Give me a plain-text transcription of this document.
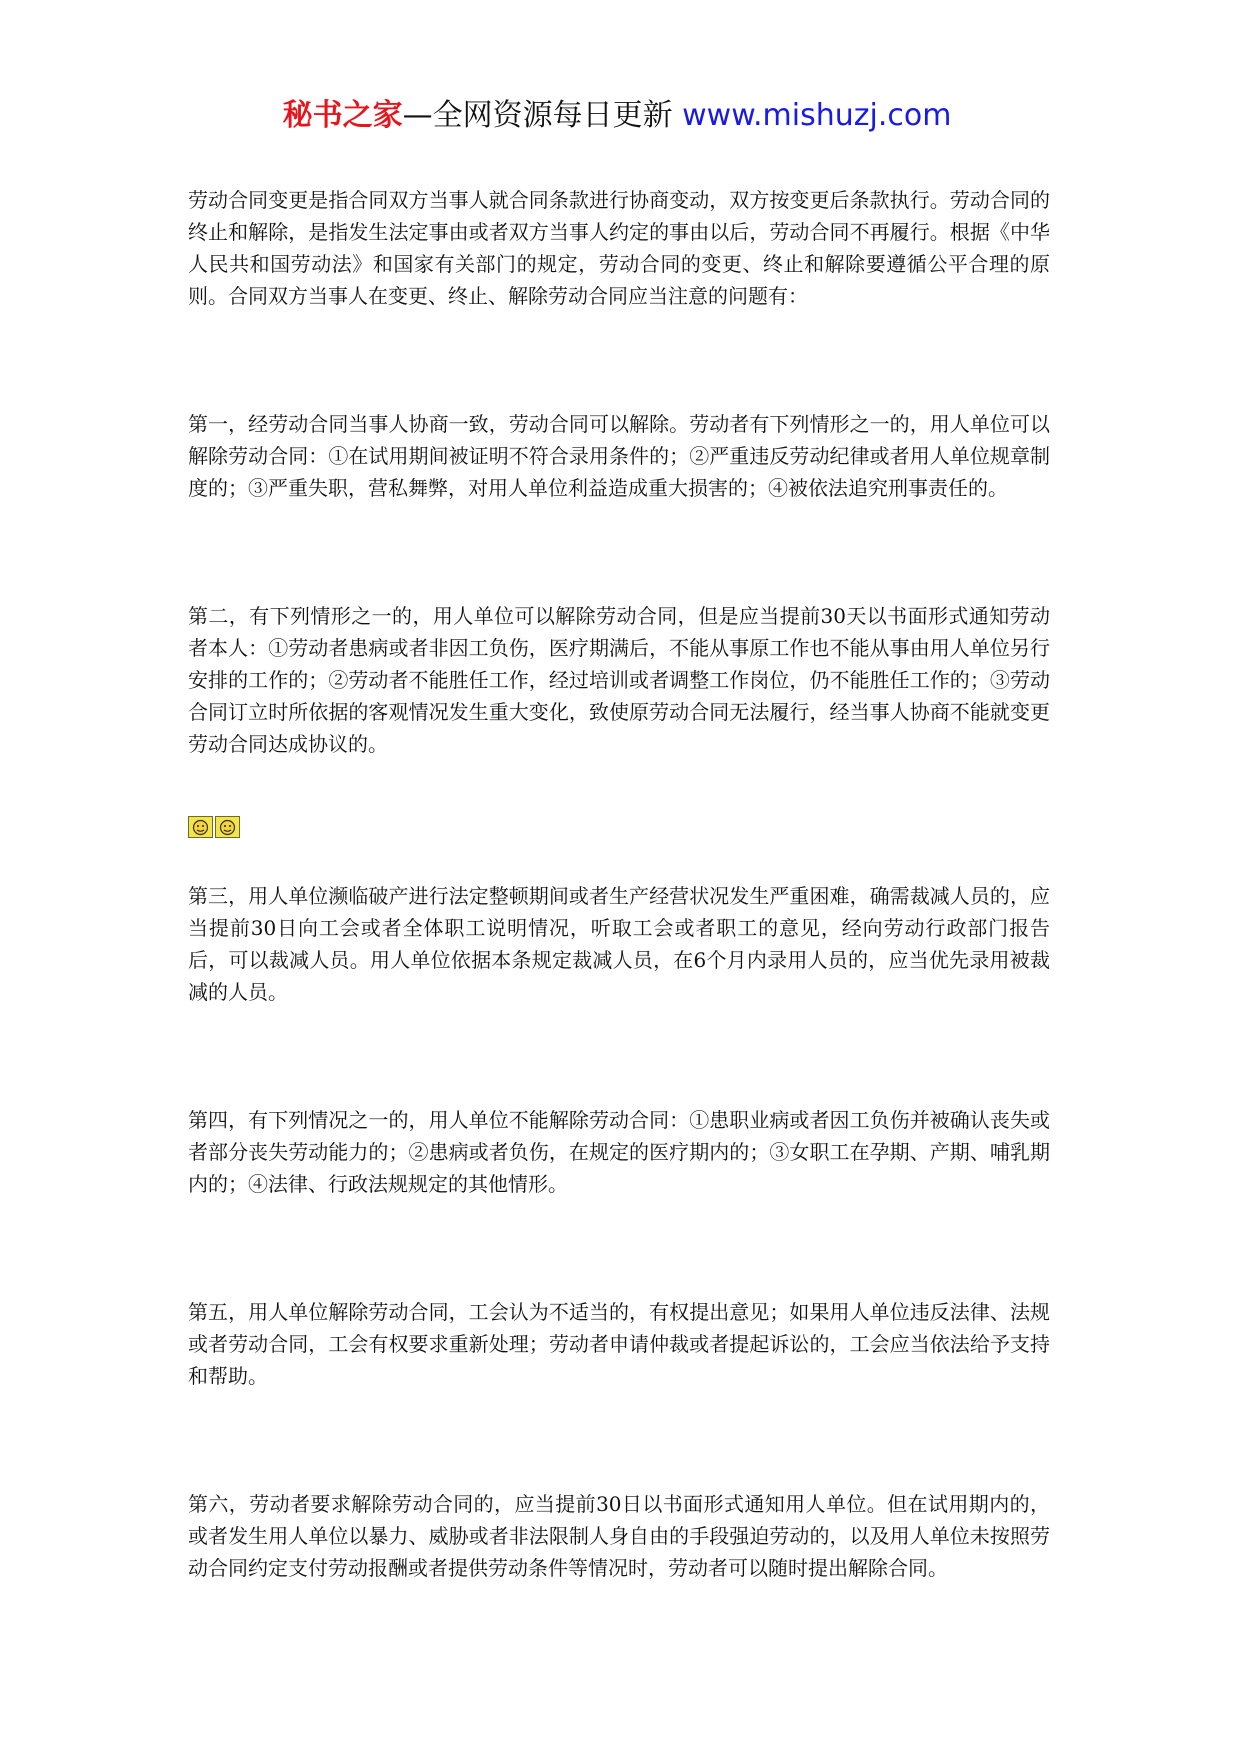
秘书之家—全网资源每日更新 www.mishuzj.com

劳动合同变更是指合同双方当事人就合同条款进行协商变动，双方按变更后条款执行。劳动合同的终止和解除，是指发生法定事由或者双方当事人约定的事由以后，劳动合同不再履行。根据《中华人民共和国劳动法》和国家有关部门的规定，劳动合同的变更、终止和解除要遵循公平合理的原则。合同双方当事人在变更、终止、解除劳动合同应当注意的问题有：

第一，经劳动合同当事人协商一致，劳动合同可以解除。劳动者有下列情形之一的，用人单位可以解除劳动合同：①在试用期间被证明不符合录用条件的；②严重违反劳动纪律或者用人单位规章制度的；③严重失职，营私舞弊，对用人单位利益造成重大损害的；④被依法追究刑事责任的。

第二，有下列情形之一的，用人单位可以解除劳动合同，但是应当提前30天以书面形式通知劳动者本人：①劳动者患病或者非因工负伤，医疗期满后，不能从事原工作也不能从事由用人单位另行安排的工作的；②劳动者不能胜任工作，经过培训或者调整工作岗位，仍不能胜任工作的；③劳动合同订立时所依据的客观情况发生重大变化，致使原劳动合同无法履行，经当事人协商不能就变更劳动合同达成协议的。

第三，用人单位濒临破产进行法定整顿期间或者生产经营状况发生严重困难，确需裁减人员的，应当提前30日向工会或者全体职工说明情况，听取工会或者职工的意见，经向劳动行政部门报告后，可以裁减人员。用人单位依据本条规定裁减人员，在6个月内录用人员的，应当优先录用被裁减的人员。

第四，有下列情况之一的，用人单位不能解除劳动合同：①患职业病或者因工负伤并被确认丧失或者部分丧失劳动能力的；②患病或者负伤，在规定的医疗期内的；③女职工在孕期、产期、哺乳期内的；④法律、行政法规规定的其他情形。

第五，用人单位解除劳动合同，工会认为不适当的，有权提出意见；如果用人单位违反法律、法规或者劳动合同，工会有权要求重新处理；劳动者申请仲裁或者提起诉讼的，工会应当依法给予支持和帮助。

第六，劳动者要求解除劳动合同的，应当提前30日以书面形式通知用人单位。但在试用期内的，或者发生用人单位以暴力、威胁或者非法限制人身自由的手段强迫劳动的，以及用人单位未按照劳动合同约定支付劳动报酬或者提供劳动条件等情况时，劳动者可以随时提出解除合同。
